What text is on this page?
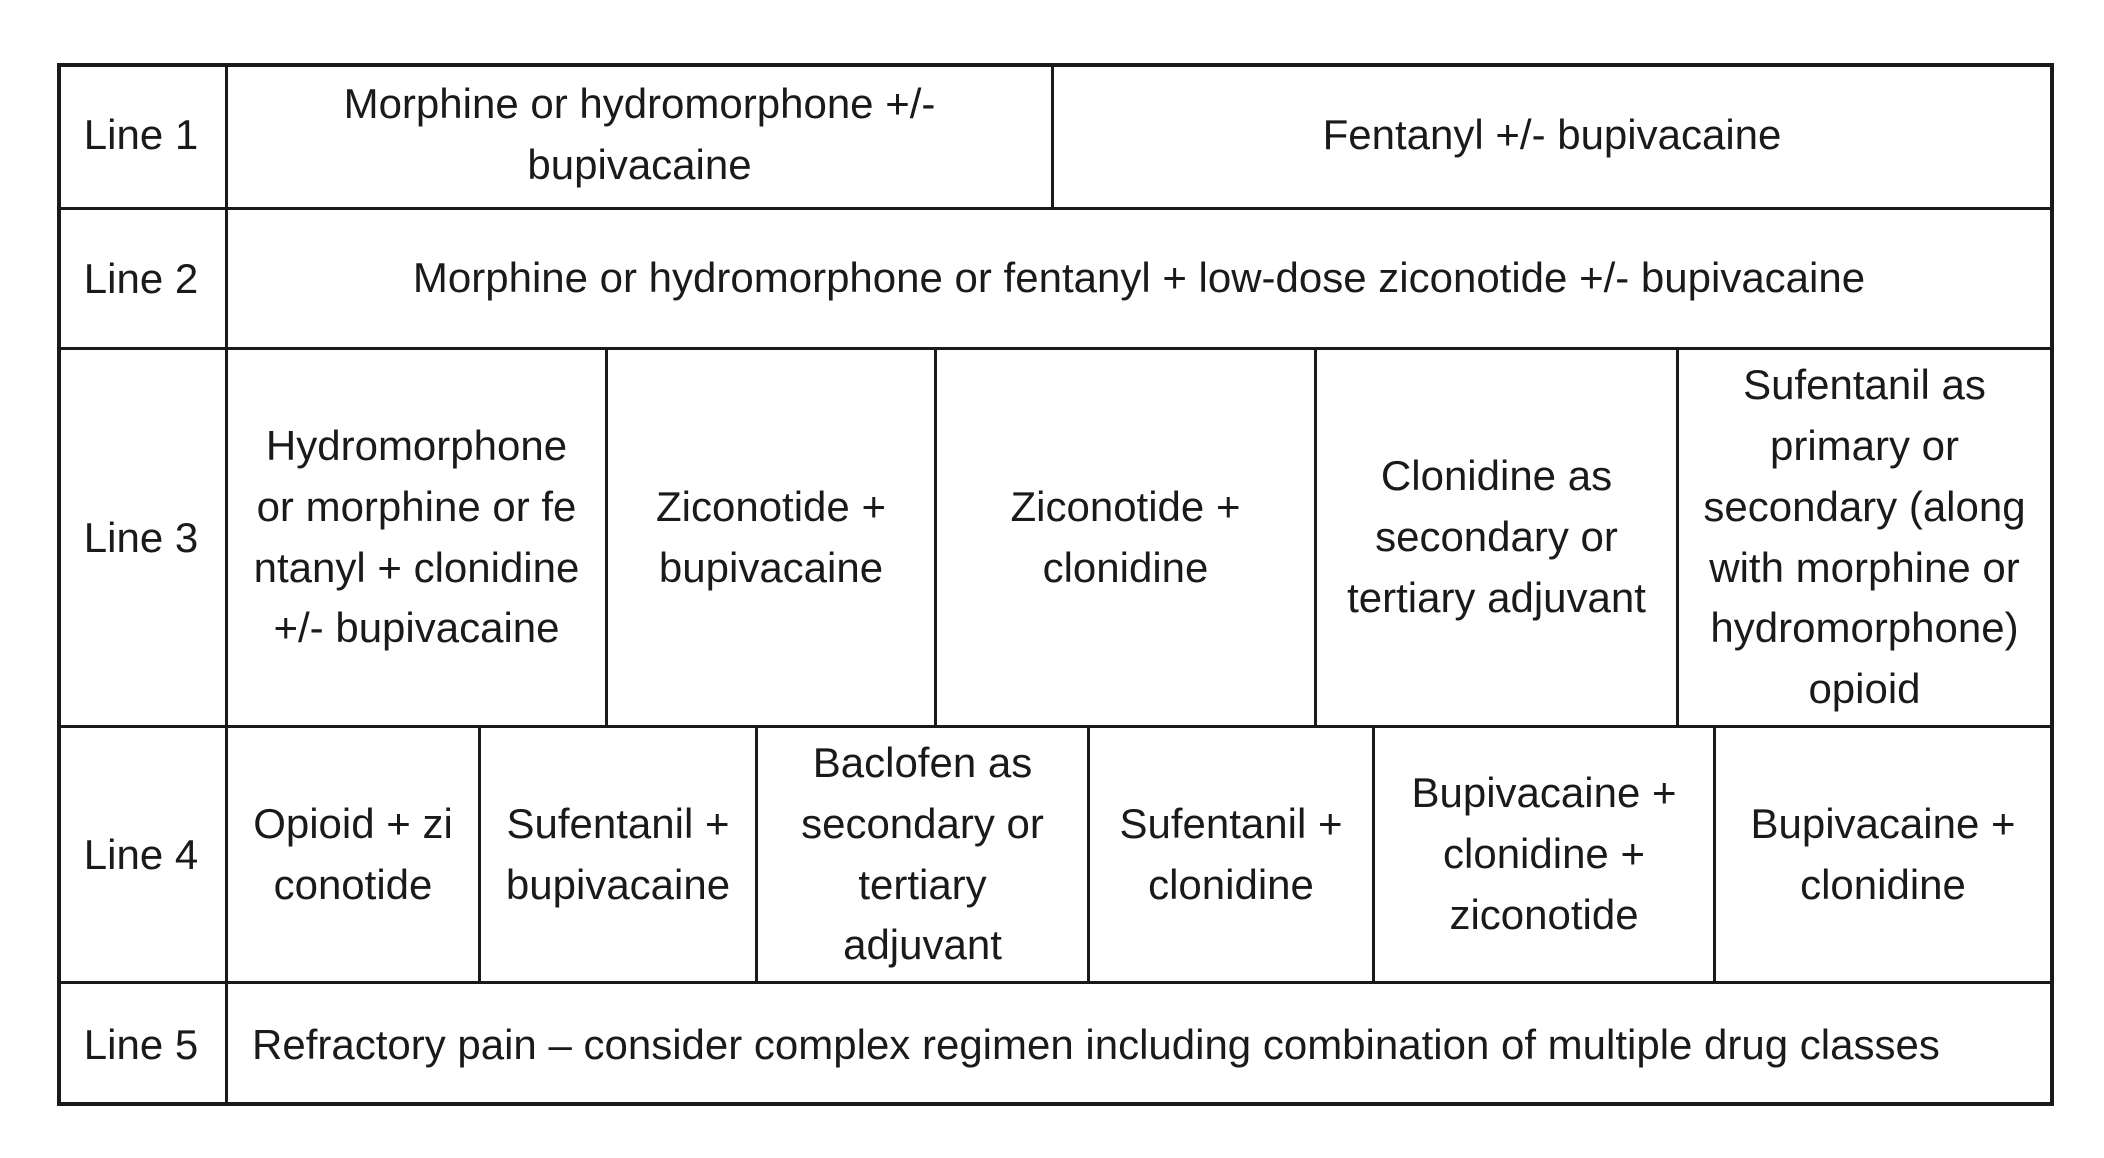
Line 1
Morphine or hydromorphone +/- bupivacaine
Fentanyl +/- bupivacaine
Line 2	Morphine or hydromorphone or fentanyl + low-dose ziconotide +/- bupivacaine
Line 3
Hydromorphone or morphine or fentanyl + clonidine +/- bupivacaine
Ziconotide + bupivacaine
Ziconotide + clonidine
Clonidine as secondary or tertiary adjuvant
Sufentanil as primary or secondary (along with morphine or hydromorphone) opioid
Line 4
Opioid + ziconotide
Sufentanil + bupivacaine
Baclofen as secondary or tertiary adjuvant
Sufentanil + clonidine
Bupivacaine + clonidine + ziconotide
Bupivacaine + clonidine
Line 5	Refractory pain – consider complex regimen including combination of multiple drug classes
